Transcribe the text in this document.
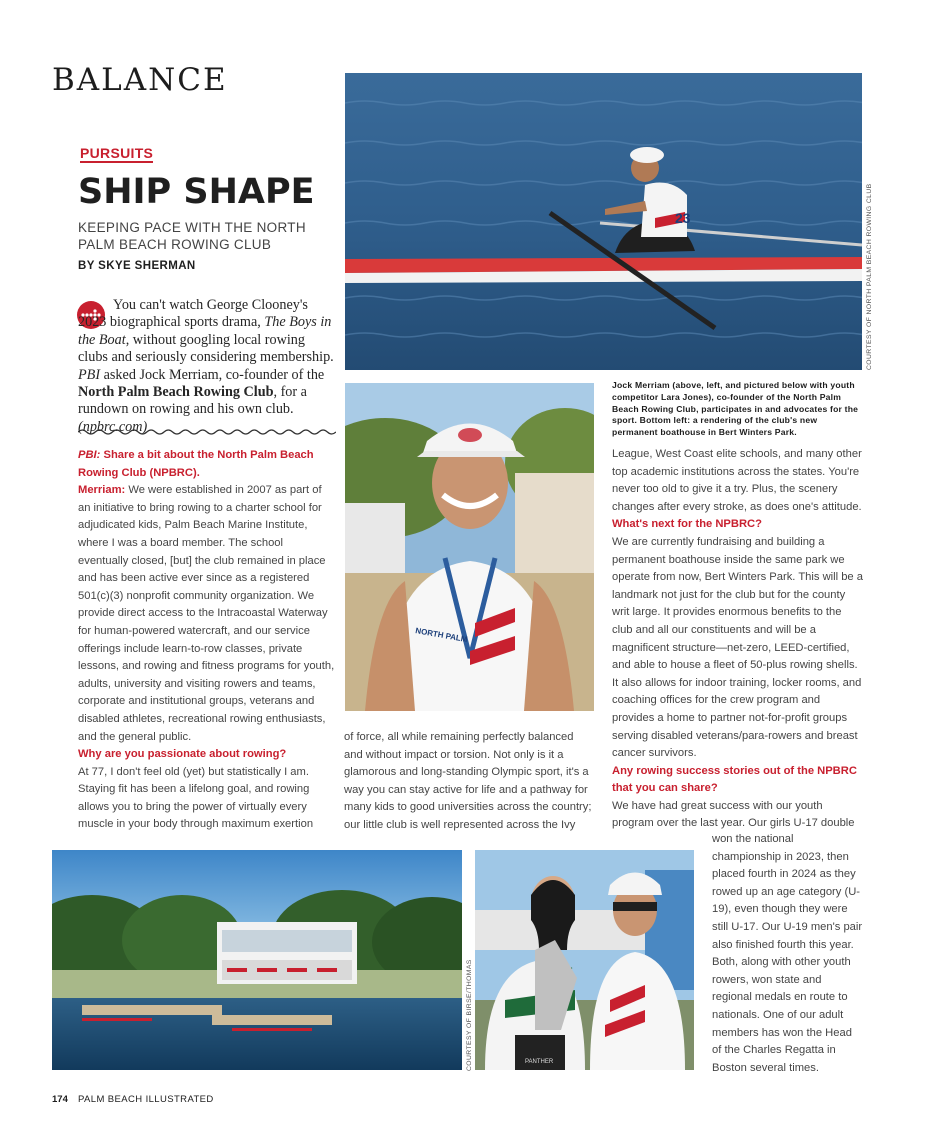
BALANCE
PURSUITS
SHIP SHAPE
KEEPING PACE WITH THE NORTH PALM BEACH ROWING CLUB
BY SKYE SHERMAN

You can't watch George Clooney's 2023 biographical sports drama, The Boys in the Boat, without googling local rowing clubs and seriously considering membership. PBI asked Jock Merriam, co-founder of the North Palm Beach Rowing Club, for a rundown on rowing and his own club. (npbrc.com)

PBI: Share a bit about the North Palm Beach Rowing Club (NPBRC).

Merriam: We were established in 2007 as part of an initiative to bring rowing to a charter school for adjudicated kids, Palm Beach Marine Institute, where I was a board member. The school eventually closed, [but] the club remained in place and has been active ever since as a registered 501(c)(3) nonprofit community organization. We provide direct access to the Intracoastal Waterway for human-powered watercraft, and our service offerings include learn-to-row classes, private lessons, and rowing and fitness programs for youth, adults, university and visiting rowers and teams, corporate and institutional groups, veterans and disabled athletes, recreational rowing enthusiasts, and the general public.

Why are you passionate about rowing?

At 77, I don't feel old (yet) but statistically I am. Staying fit has been a lifelong goal, and rowing allows you to bring the power of virtually every muscle in your body through maximum exertion

of force, all while remaining perfectly balanced and without impact or torsion. Not only is it a glamorous and long-standing Olympic sport, it's a way you can stay active for life and a pathway for many kids to good universities across the country; our little club is well represented across the Ivy

Jock Merriam (above, left, and pictured below with youth competitor Lara Jones), co-founder of the North Palm Beach Rowing Club, participates in and advocates for the sport. Bottom left: a rendering of the club's new permanent boathouse in Bert Winters Park.

League, West Coast elite schools, and many other top academic institutions across the states. You're never too old to give it a try. Plus, the scenery changes after every stroke, as does one's attitude.

What's next for the NPBRC?

We are currently fundraising and building a permanent boathouse inside the same park we operate from now, Bert Winters Park. This will be a landmark not just for the club but for the county writ large. It provides enormous benefits to the club and all our constituents and will be a magnificent structure—net-zero, LEED-certified, and able to house a fleet of 50-plus rowing shells. It also allows for indoor training, locker rooms, and coaching offices for the crew program and provides a home to partner not-for-profit groups serving disabled veterans/para-rowers and breast cancer survivors.

Any rowing success stories out of the NPBRC that you can share?

We have had great success with our youth program over the last year. Our girls U-17 double

won the national championship in 2023, then placed fourth in 2024 as they rowed up an age category (U-19), even though they were still U-17. Our U-19 men's pair also finished fourth this year. Both, along with other youth rowers, won state and regional medals en route to nationals. One of our adult members has won the Head of the Charles Regatta in Boston several times.

23	COURTESY OF NORTH PALM BEACH ROWING CLUB
NORTH PALM
COURTESY OF BIRSE/THOMAS	PANTHER
174 PALM BEACH ILLUSTRATED
